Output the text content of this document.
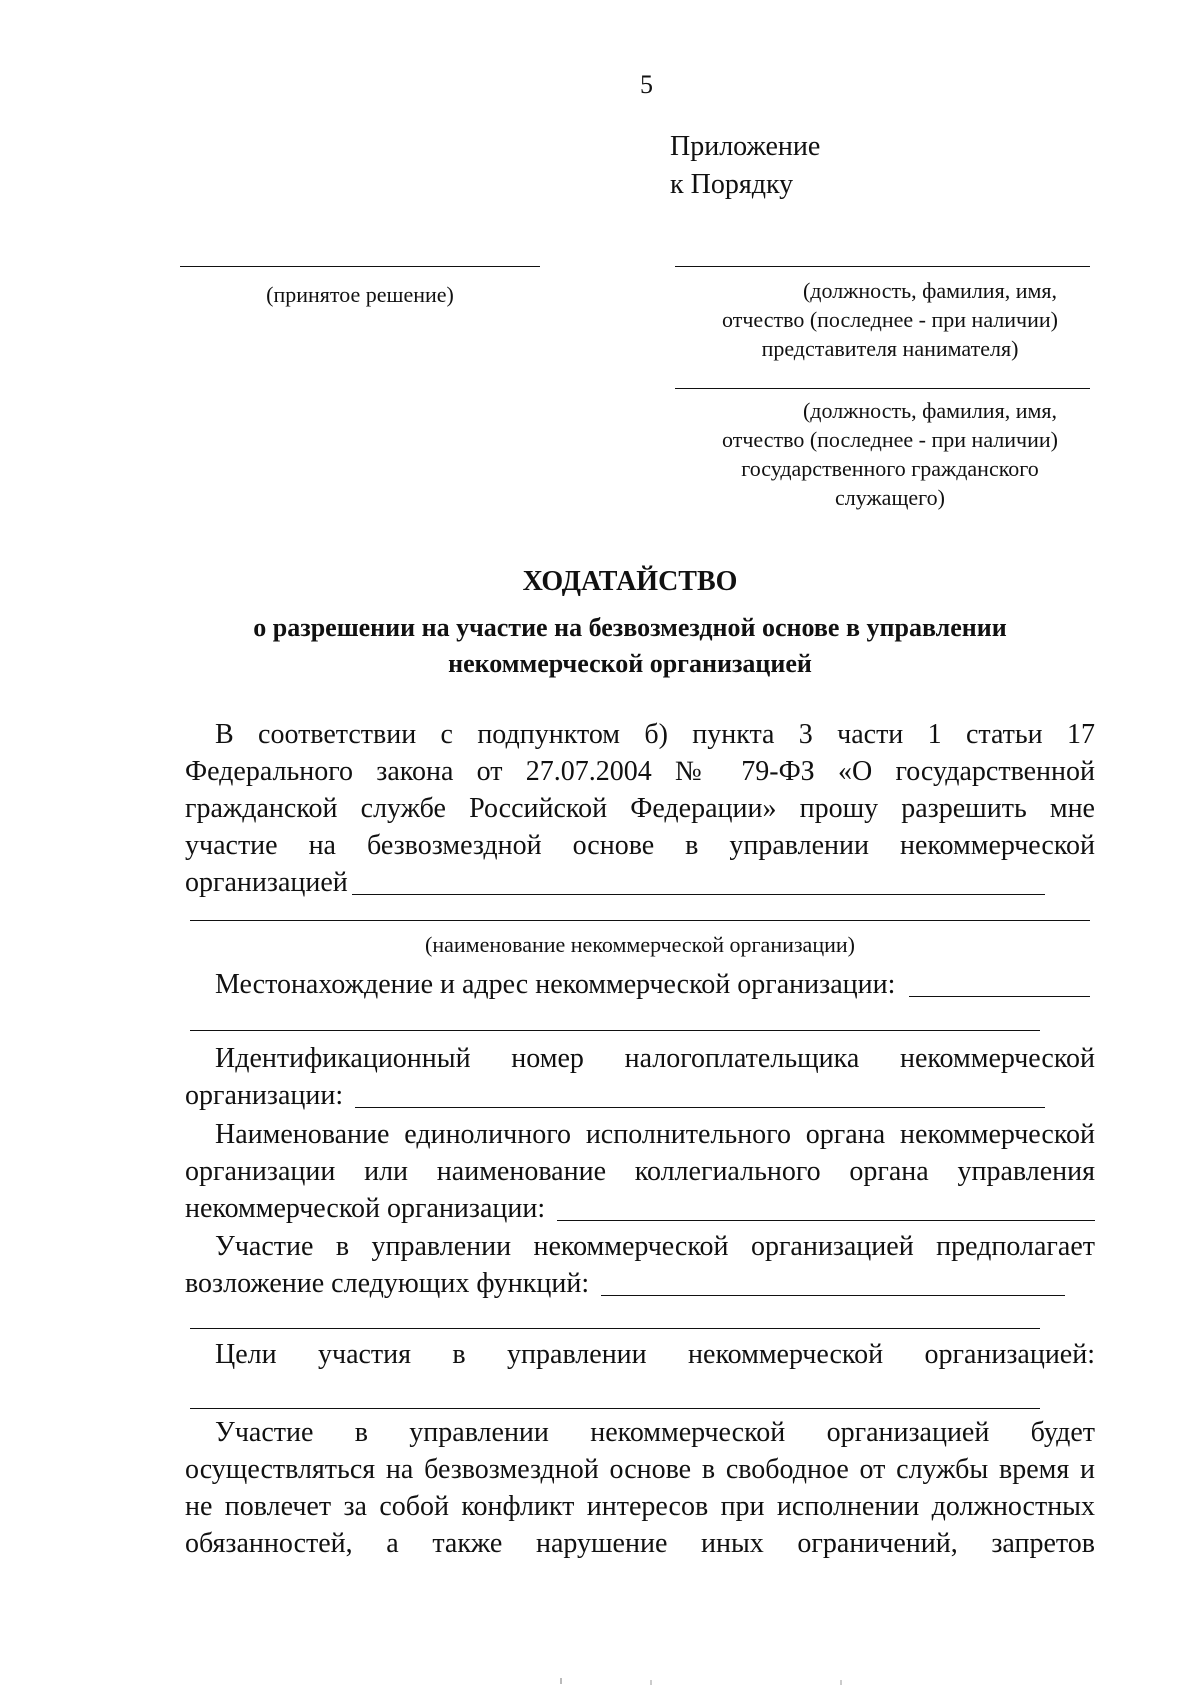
5
Приложение
к Порядку
(принятое решение)	(должность, фамилия, имя,
отчество (последнее - при наличии)
представителя нанимателя)
(должность, фамилия, имя,
отчество (последнее - при наличии)
государственного гражданского
служащего)
ХОДАТАЙСТВО
о разрешении на участие на безвозмездной основе в управлении
некоммерческой организацией
В соответствии с подпунктом б) пункта 3 части 1 статьи 17
Федерального закона от 27.07.2004 № 79-ФЗ «О государственной
гражданской службе Российской Федерации» прошу разрешить мне
участие на безвозмездной основе в управлении некоммерческой
организацией
(наименование некоммерческой организации)
Местонахождение и адрес некоммерческой организации:
Идентификационный номер налогоплательщика некоммерческой
организации:
Наименование единоличного исполнительного органа некоммерческой
организации или наименование коллегиального органа управления
некоммерческой организации:
Участие в управлении некоммерческой организацией предполагает
возложение следующих функций:
Цели участия в управлении некоммерческой организацией:
Участие в управлении некоммерческой организацией будет
осуществляться на безвозмездной основе в свободное от службы время и
не повлечет за собой конфликт интересов при исполнении должностных
обязанностей, а также нарушение иных ограничений, запретов
